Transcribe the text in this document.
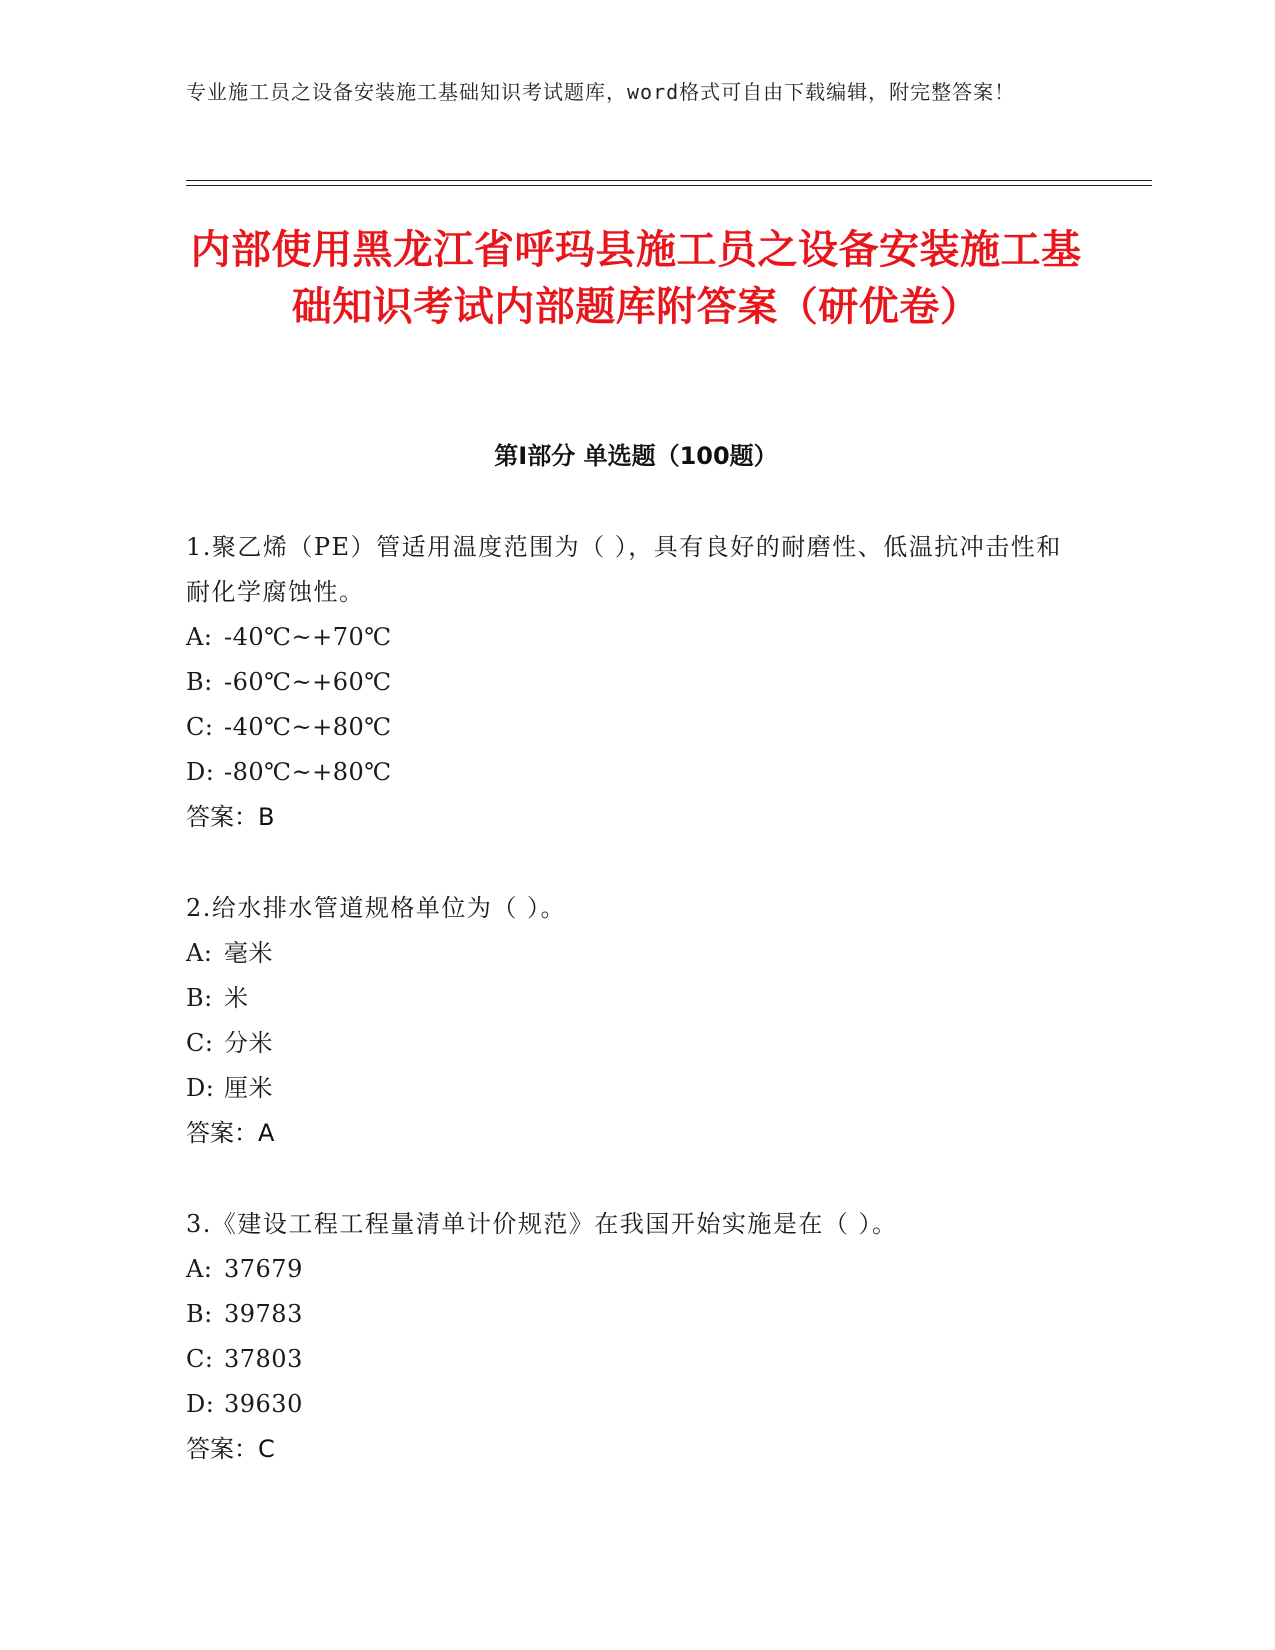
专业施工员之设备安装施工基础知识考试题库，word格式可自由下载编辑，附完整答案！
内部使用黑龙江省呼玛县施工员之设备安装施工基础知识考试内部题库附答案（研优卷）
第Ⅰ部分 单选题（100题）
1.聚乙烯（PE）管适用温度范围为（ ），具有良好的耐磨性、低温抗冲击性和耐化学腐蚀性。
A: -40℃~+70℃
B: -60℃~+60℃
C: -40℃~+80℃
D: -80℃~+80℃
答案：B
2.给水排水管道规格单位为（ ）。
A: 毫米
B: 米
C: 分米
D: 厘米
答案：A
3.《建设工程工程量清单计价规范》在我国开始实施是在（ ）。
A: 37679
B: 39783
C: 37803
D: 39630
答案：C
